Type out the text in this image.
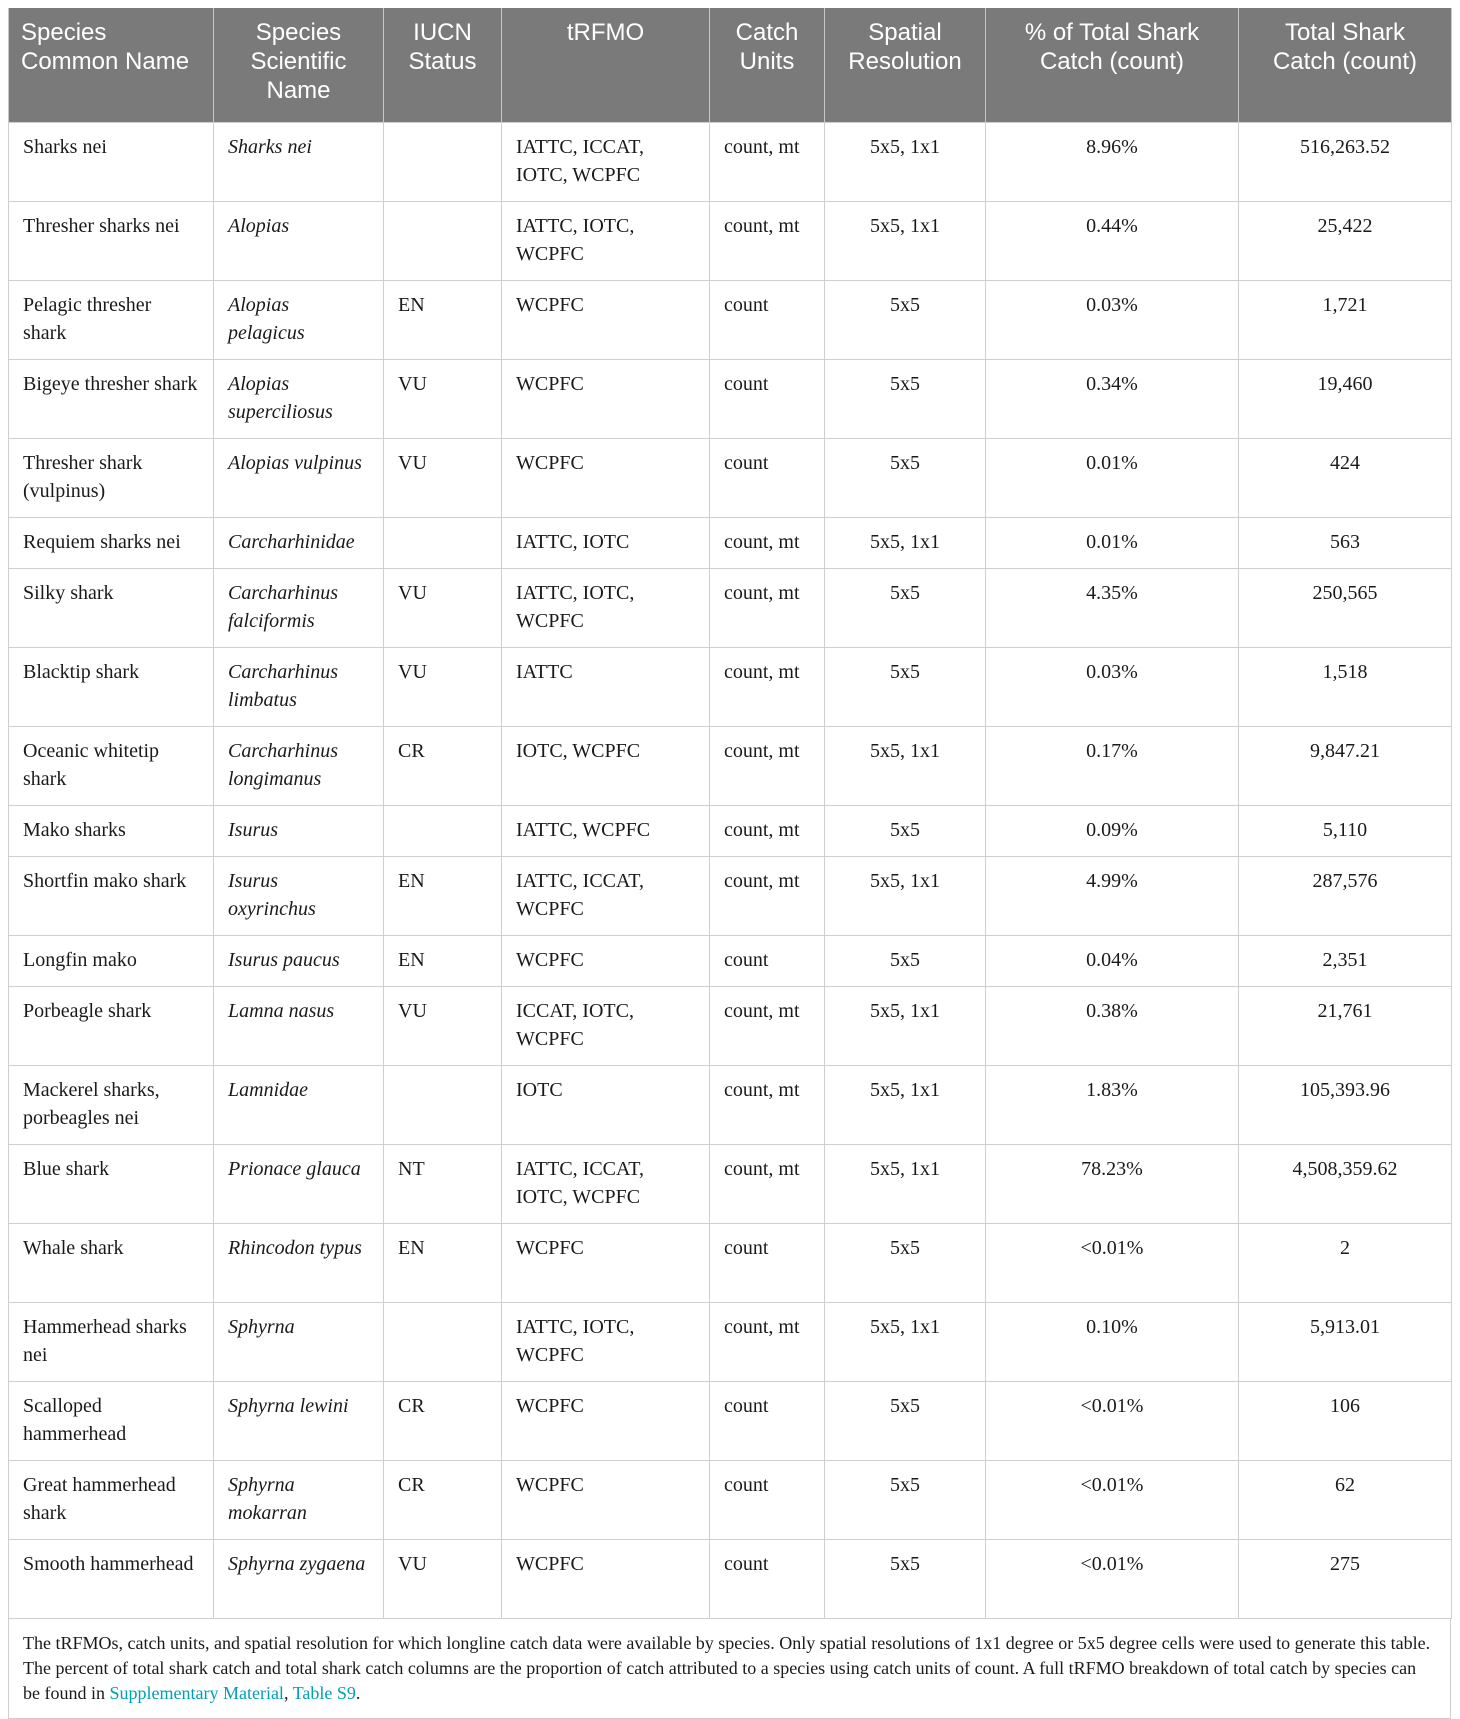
Species Common Name	Species Scientific Name	IUCN Status	tRFMO	Catch Units	Spatial Resolution	% of Total Shark Catch (count)	Total Shark Catch (count)
Sharks nei	Sharks nei		IATTC, ICCAT, IOTC, WCPFC	count, mt	5x5, 1x1	8.96%	516,263.52
Thresher sharks nei	Alopias		IATTC, IOTC, WCPFC	count, mt	5x5, 1x1	0.44%	25,422
Pelagic thresher shark	Alopias pelagicus	EN	WCPFC	count	5x5	0.03%	1,721
Bigeye thresher shark	Alopias superciliosus	VU	WCPFC	count	5x5	0.34%	19,460
Thresher shark (vulpinus)	Alopias vulpinus	VU	WCPFC	count	5x5	0.01%	424
Requiem sharks nei	Carcharhinidae		IATTC, IOTC	count, mt	5x5, 1x1	0.01%	563
Silky shark	Carcharhinus falciformis	VU	IATTC, IOTC, WCPFC	count, mt	5x5	4.35%	250,565
Blacktip shark	Carcharhinus limbatus	VU	IATTC	count, mt	5x5	0.03%	1,518
Oceanic whitetip shark	Carcharhinus longimanus	CR	IOTC, WCPFC	count, mt	5x5, 1x1	0.17%	9,847.21
Mako sharks	Isurus		IATTC, WCPFC	count, mt	5x5	0.09%	5,110
Shortfin mako shark	Isurus oxyrinchus	EN	IATTC, ICCAT, WCPFC	count, mt	5x5, 1x1	4.99%	287,576
Longfin mako	Isurus paucus	EN	WCPFC	count	5x5	0.04%	2,351
Porbeagle shark	Lamna nasus	VU	ICCAT, IOTC, WCPFC	count, mt	5x5, 1x1	0.38%	21,761
Mackerel sharks, porbeagles nei	Lamnidae		IOTC	count, mt	5x5, 1x1	1.83%	105,393.96
Blue shark	Prionace glauca	NT	IATTC, ICCAT, IOTC, WCPFC	count, mt	5x5, 1x1	78.23%	4,508,359.62
Whale shark	Rhincodon typus	EN	WCPFC	count	5x5	<0.01%	2
Hammerhead sharks nei	Sphyrna		IATTC, IOTC, WCPFC	count, mt	5x5, 1x1	0.10%	5,913.01
Scalloped hammerhead	Sphyrna lewini	CR	WCPFC	count	5x5	<0.01%	106
Great hammerhead shark	Sphyrna mokarran	CR	WCPFC	count	5x5	<0.01%	62
Smooth hammerhead	Sphyrna zygaena	VU	WCPFC	count	5x5	<0.01%	275
The tRFMOs, catch units, and spatial resolution for which longline catch data were available by species. Only spatial resolutions of 1x1 degree or 5x5 degree cells were used to generate this table. The percent of total shark catch and total shark catch columns are the proportion of catch attributed to a species using catch units of count. A full tRFMO breakdown of total catch by species can be found in Supplementary Material, Table S9.
